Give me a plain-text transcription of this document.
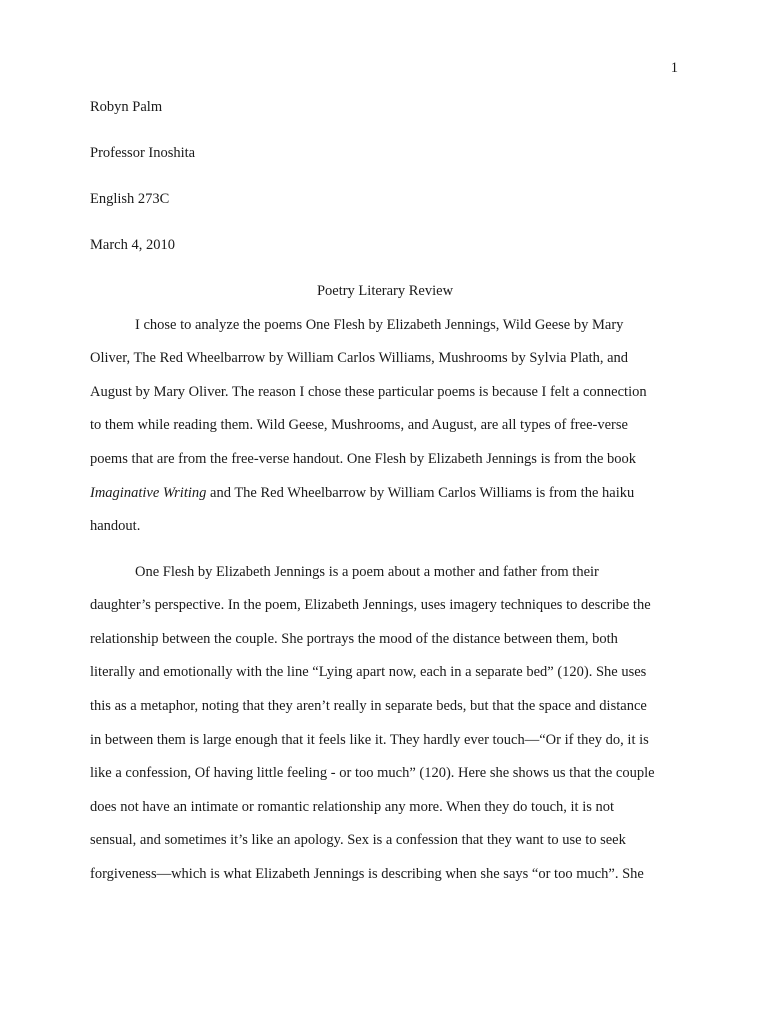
1
Robyn Palm
Professor Inoshita
English 273C
March 4, 2010
Poetry Literary Review
I chose to analyze the poems One Flesh by Elizabeth Jennings, Wild Geese by Mary
Oliver, The Red Wheelbarrow by William Carlos Williams, Mushrooms by Sylvia Plath, and
August by Mary Oliver. The reason I chose these particular poems is because I felt a connection
to them while reading them. Wild Geese, Mushrooms, and August, are all types of free-verse
poems that are from the free-verse handout. One Flesh by Elizabeth Jennings is from the book
Imaginative Writing and The Red Wheelbarrow by William Carlos Williams is from the haiku
handout.
One Flesh by Elizabeth Jennings is a poem about a mother and father from their
daughter’s perspective. In the poem, Elizabeth Jennings, uses imagery techniques to describe the
relationship between the couple. She portrays the mood of the distance between them, both
literally and emotionally with the line “Lying apart now, each in a separate bed” (120). She uses
this as a metaphor, noting that they aren’t really in separate beds, but that the space and distance
in between them is large enough that it feels like it. They hardly ever touch—“Or if they do, it is
like a confession, Of having little feeling - or too much” (120). Here she shows us that the couple
does not have an intimate or romantic relationship any more. When they do touch, it is not
sensual, and sometimes it’s like an apology. Sex is a confession that they want to use to seek
forgiveness—which is what Elizabeth Jennings is describing when she says “or too much”. She
